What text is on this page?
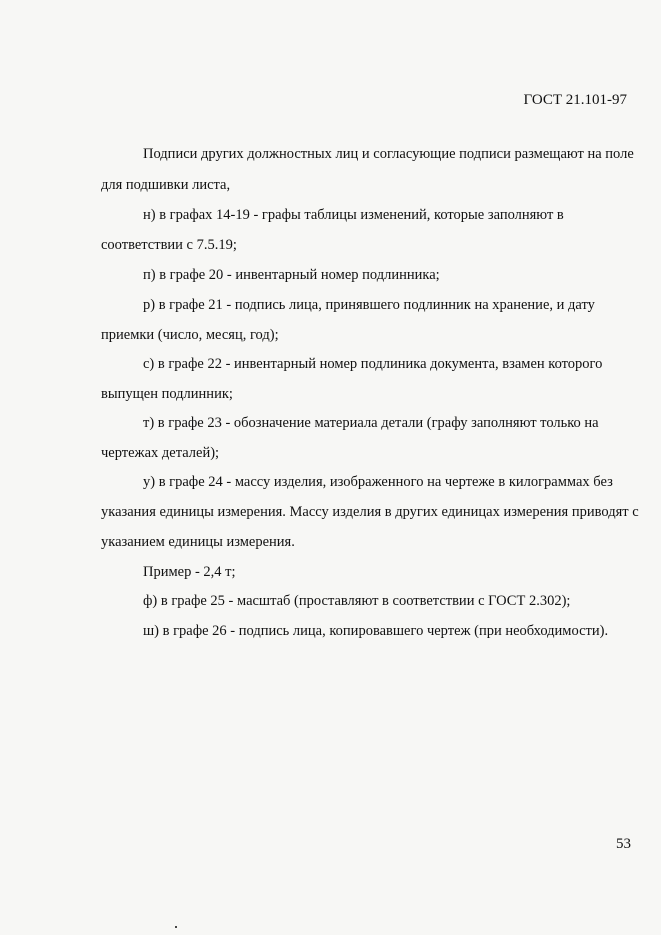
ГОСТ 21.101-97
Подписи других должностных лиц и согласующие подписи размещают на поле
для подшивки листа,
н) в графах 14-19 - графы таблицы изменений, которые заполняют в
соответствии с 7.5.19;
п) в графе 20 - инвентарный номер подлинника;
р) в графе 21 - подпись лица, принявшего подлинник на хранение, и дату
приемки (число, месяц, год);
с) в графе 22 - инвентарный номер подлиника документа, взамен которого
выпущен подлинник;
т) в графе 23 - обозначение материала детали (графу заполняют только на
чертежах деталей);
у) в графе 24 - массу изделия, изображенного на чертеже в килограммах без
указания единицы измерения. Массу изделия в других единицах измерения приводят с
указанием единицы измерения.
Пример - 2,4 т;
ф) в графе 25 - масштаб (проставляют в соответствии с ГОСТ 2.302);
ш) в графе 26 - подпись лица, копировавшего чертеж (при необходимости).
53
